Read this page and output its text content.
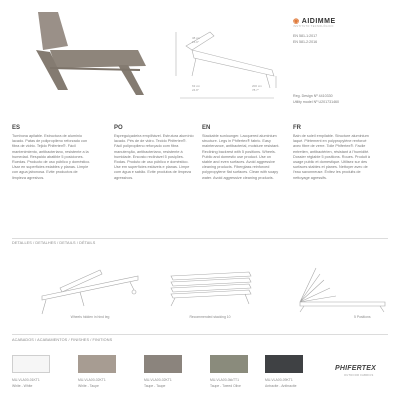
38 cm
15.0"
63 cm
24.8"
200 cm
78.7"
◉ AIDIMME
INSTITUTO TECNOLÓGICO
EN 581-1:2017
EN 581-2:2016
Reg. Design Nº 4410330
Utility model Nº U201731460
ES

Tumbona apilable. Estructura de aluminio lacado. Patas de polipropileno reforzado con fibra de vidrio. Tejido Phifertex®. Fácil mantenimiento, antibacteriano, resistente a la humedad. Respaldo abatible 5 posiciones. Ruedas. Producto de uso público y doméstico. Usar en superficies estables y planas. Limpie con agua jabonosa. Evite productos de limpieza agresivos.

PO

Espreguiçadeira empilhável. Estrutura alumínio lacado. Pés de de vidro. Tecido Phifertex®. Fácil polipropileno reforçado com fibra manutenção, antibacteriano, resistente à humidade. Encosto reclinável 5 posições. Rodas. Produto de uso público e doméstico. Use em superfícies estáveis e planas. Limpe com água e sabão. Evite produtos de limpeza agressivos.

EN

Stackable sunlounger. Lacquered aluminium structure. Legs in Phifertex® fabric. Easy maintenance, antibacterial, moisture resistant. Reclining backrest with 5 positions. Wheels. Public and domestic use product. Use on stable and even surfaces. Avoid aggressive cleaning products. Fiberglass reinforced polypropylene flat surfaces. Clean with soapy water. Avoid aggressive cleaning products.

FR

Bain de soleil empilable. Structure aluminium laqué. Piètement en polypropylène renforcé avec fibre de verre. Toile Phifertex®. Facile entretien, antibactérien, résistant à l'humidité. Dossier réglable 5 positions. Roues. Produit à usage public et domestique. Utilisez sur des surfaces stables et planes. Nettoyer avec de l'eau savonneuse. Évitez les produits de nettoyage agressifs.

DETALLES / DETALHES / DETAILS / DÉTAILS
Wheels hidden in hind leg	Recommended stacking 10	5 Positions
ACABADOS / ACABAMENTOS / FINISHES / FINITIONS
MU-VLA00-01KT1
White - White
MU-VLA00-02KT1
White - Taupe
MU-VLA00-02KT1
Taupe - Taupe
MU-VLA00-0kkTT1
Taupe - Tweed Olive
MU-VLA00-09KT1
Antracite - Anthracite
PHIFERTEX
OUTDOOR FABRICS
